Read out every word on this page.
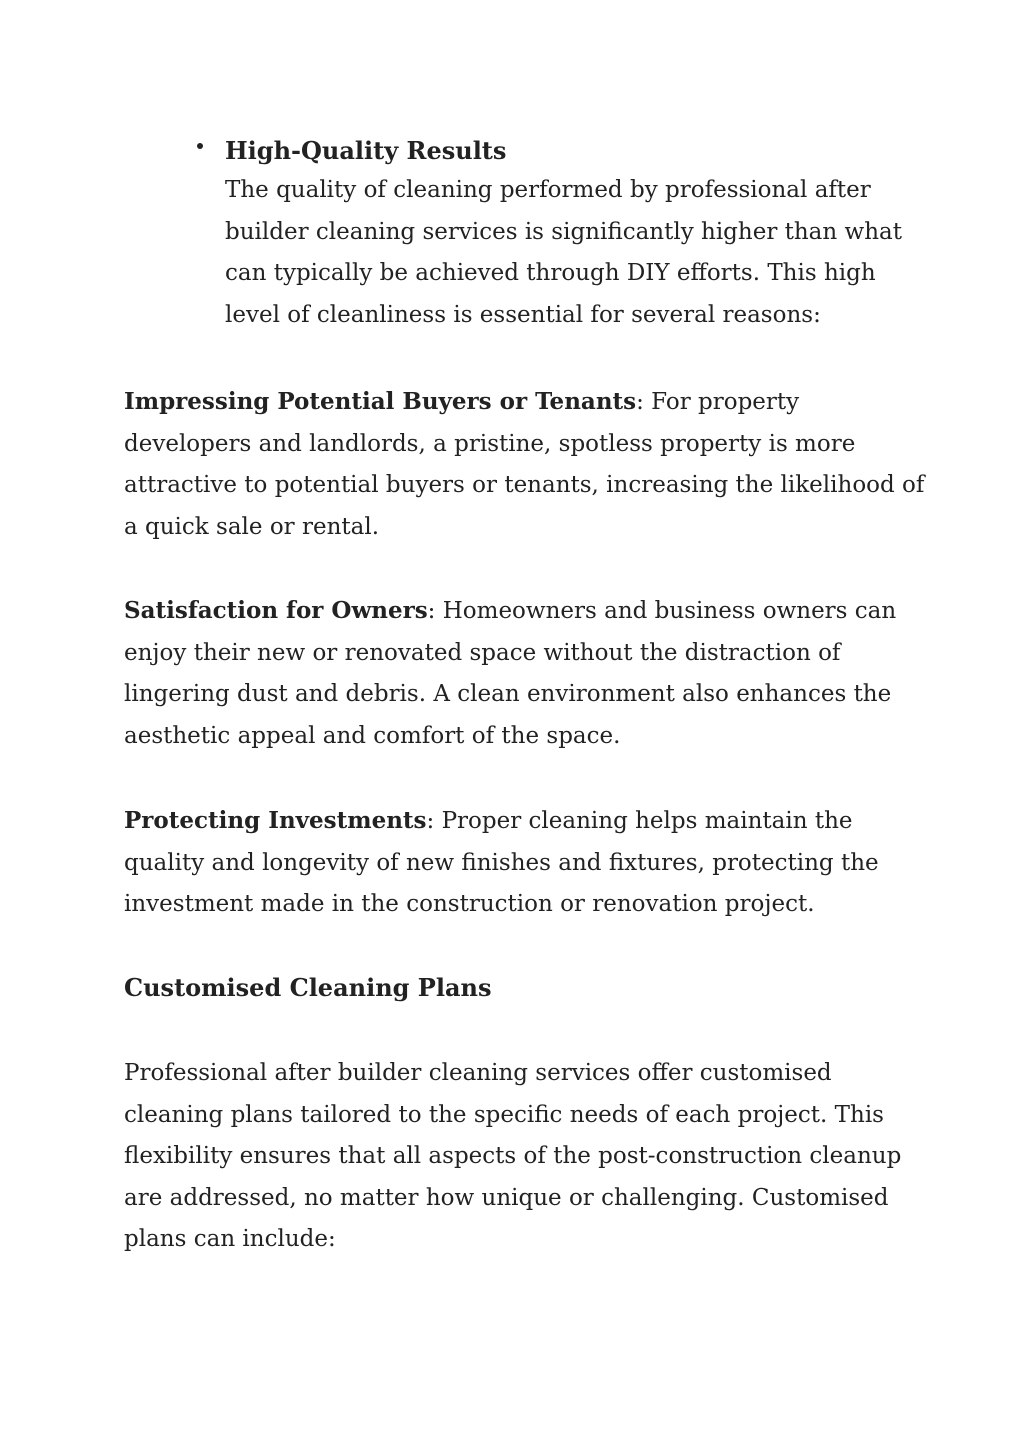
High-Quality Results

The quality of cleaning performed by professional after
builder cleaning services is significantly higher than what
can typically be achieved through DIY efforts. This high
level of cleanliness is essential for several reasons:

Impressing Potential Buyers or Tenants: For property
developers and landlords, a pristine, spotless property is more
attractive to potential buyers or tenants, increasing the likelihood of
a quick sale or rental.

Satisfaction for Owners: Homeowners and business owners can
enjoy their new or renovated space without the distraction of
lingering dust and debris. A clean environment also enhances the
aesthetic appeal and comfort of the space.

Protecting Investments: Proper cleaning helps maintain the
quality and longevity of new finishes and fixtures, protecting the
investment made in the construction or renovation project.

Customised Cleaning Plans

Professional after builder cleaning services offer customised
cleaning plans tailored to the specific needs of each project. This
flexibility ensures that all aspects of the post-construction cleanup
are addressed, no matter how unique or challenging. Customised
plans can include:
